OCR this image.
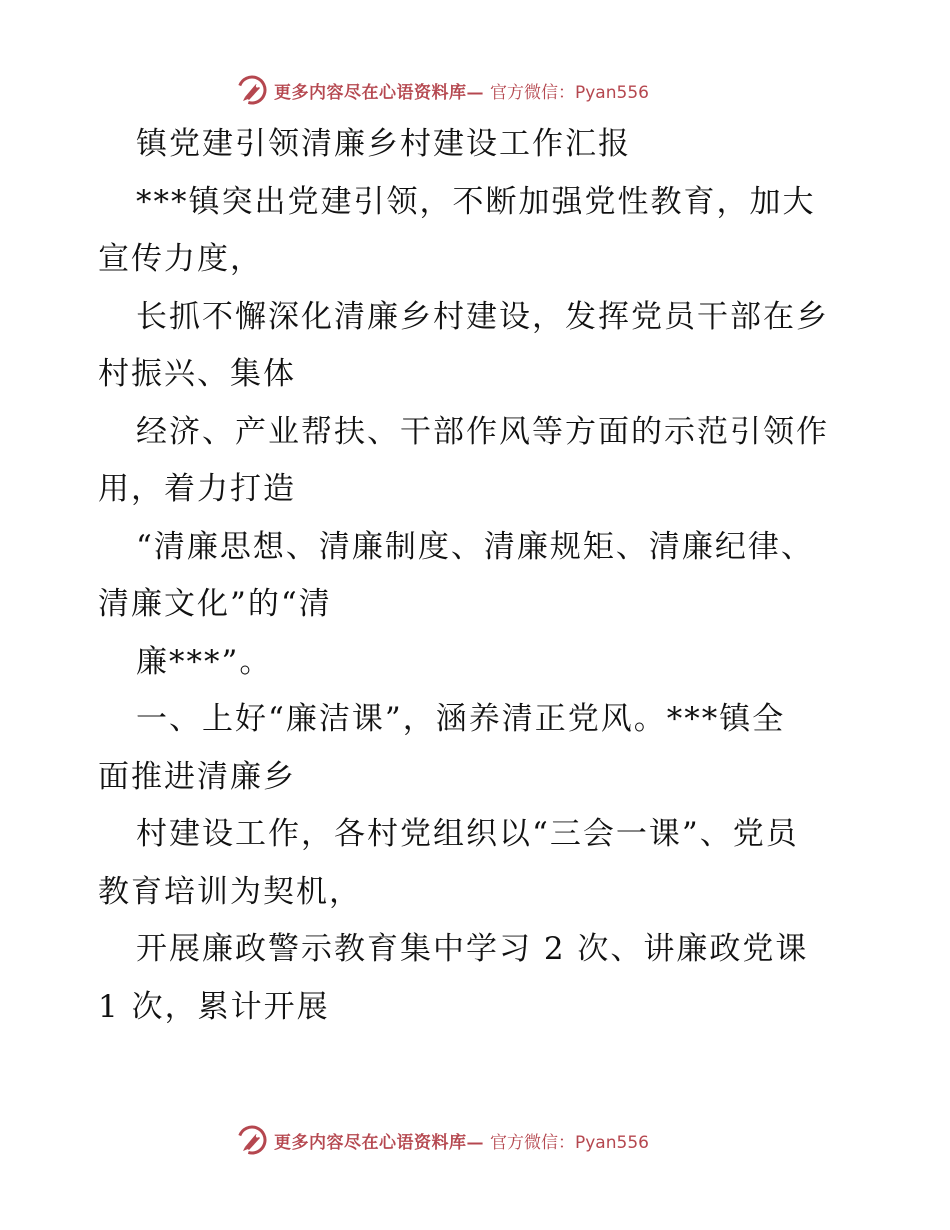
更多内容尽在心语资料库— 官方微信：Pyan556

镇党建引领清廉乡村建设工作汇报

***镇突出党建引领，不断加强党性教育，加大
宣传力度，

长抓不懈深化清廉乡村建设，发挥党员干部在乡
村振兴、集体

经济、产业帮扶、干部作风等方面的示范引领作
用，着力打造

“清廉思想、清廉制度、清廉规矩、清廉纪律、
清廉文化”的“清

廉***”。

一、上好“廉洁课”，涵养清正党风。***镇全
面推进清廉乡

村建设工作，各村党组织以“三会一课”、党员
教育培训为契机，

开展廉政警示教育集中学习 2 次、讲廉政党课
1 次，累计开展

更多内容尽在心语资料库— 官方微信：Pyan556
